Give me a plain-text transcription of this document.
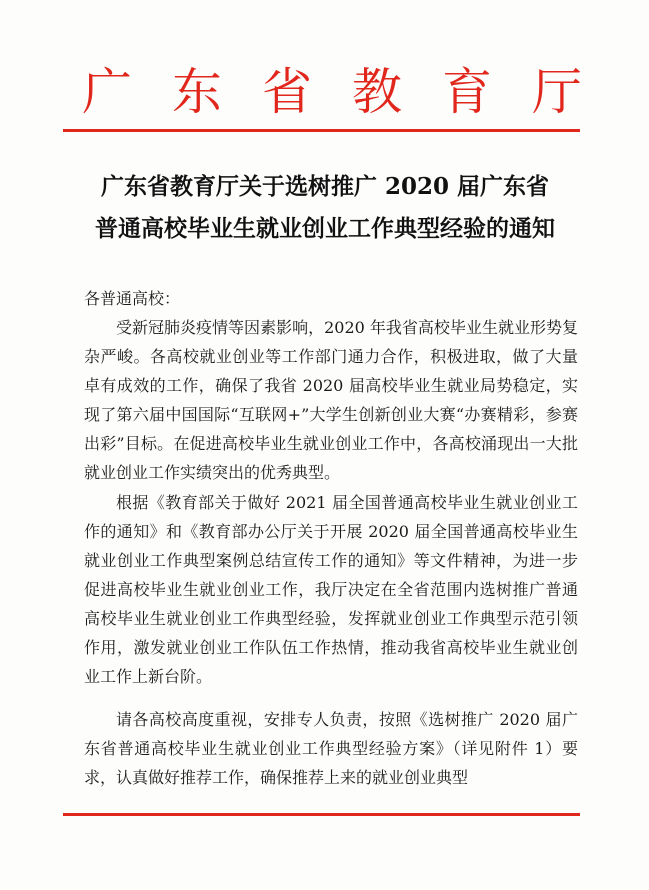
广 东 省 教 育 厅
广东省教育厅关于选树推广 2020 届广东省
普通高校毕业生就业创业工作典型经验的通知
各普通高校：

受新冠肺炎疫情等因素影响，2020 年我省高校毕业生就业形势复杂严峻。各高校就业创业等工作部门通力合作，积极进取，做了大量卓有成效的工作，确保了我省 2020 届高校毕业生就业局势稳定，实现了第六届中国国际“互联网+”大学生创新创业大赛“办赛精彩，参赛出彩”目标。在促进高校毕业生就业创业工作中，各高校涌现出一大批就业创业工作实绩突出的优秀典型。

根据《教育部关于做好 2021 届全国普通高校毕业生就业创业工作的通知》和《教育部办公厅关于开展 2020 届全国普通高校毕业生就业创业工作典型案例总结宣传工作的通知》等文件精神，为进一步促进高校毕业生就业创业工作，我厅决定在全省范围内选树推广普通高校毕业生就业创业工作典型经验，发挥就业创业工作典型示范引领作用，激发就业创业工作队伍工作热情，推动我省高校毕业生就业创业工作上新台阶。

请各高校高度重视，安排专人负责，按照《选树推广 2020 届广东省普通高校毕业生就业创业工作典型经验方案》（详见附件 1）要求，认真做好推荐工作，确保推荐上来的就业创业典型
